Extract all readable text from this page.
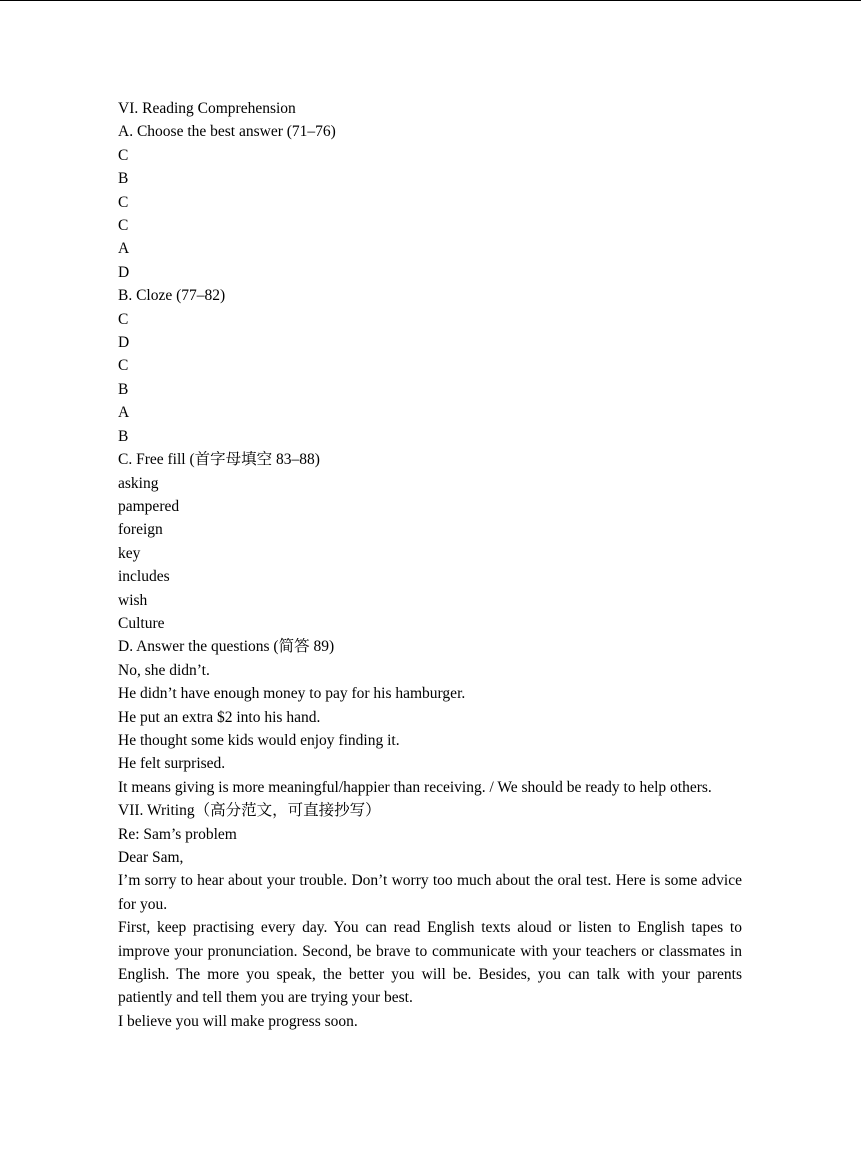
VI. Reading Comprehension
A. Choose the best answer (71–76)
C
B
C
C
A
D
B. Cloze (77–82)
C
D
C
B
A
B
C. Free fill (首字母填空 83–88)
asking
pampered
foreign
key
includes
wish
Culture
D. Answer the questions (简答 89)
No, she didn’t.
He didn’t have enough money to pay for his hamburger.
He put an extra $2 into his hand.
He thought some kids would enjoy finding it.
He felt surprised.
It means giving is more meaningful/happier than receiving. / We should be ready to help others.
VII. Writing（高分范文，可直接抄写）
Re: Sam’s problem
Dear Sam,
I’m sorry to hear about your trouble. Don’t worry too much about the oral test. Here is some advice for you.
First, keep practising every day. You can read English texts aloud or listen to English tapes to improve your pronunciation. Second, be brave to communicate with your teachers or classmates in English. The more you speak, the better you will be. Besides, you can talk with your parents patiently and tell them you are trying your best.
I believe you will make progress soon.
